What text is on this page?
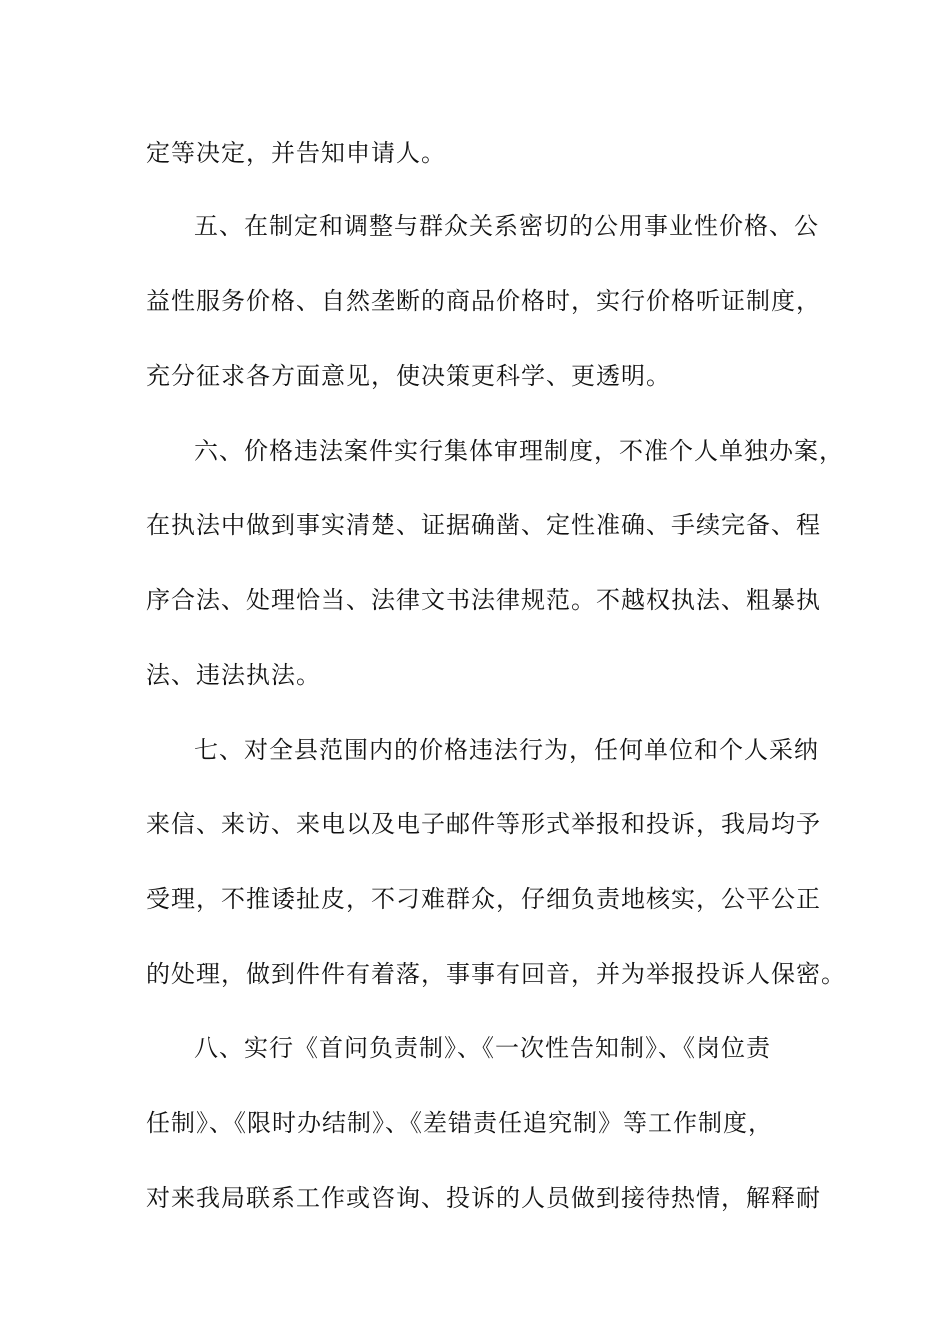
定等决定，并告知申请人。
五、在制定和调整与群众关系密切的公用事业性价格、公
益性服务价格、自然垄断的商品价格时，实行价格听证制度，
充分征求各方面意见，使决策更科学、更透明。
六、价格违法案件实行集体审理制度，不准个人单独办案，
在执法中做到事实清楚、证据确凿、定性准确、手续完备、程
序合法、处理恰当、法律文书法律规范。不越权执法、粗暴执
法、违法执法。
七、对全县范围内的价格违法行为，任何单位和个人采纳
来信、来访、来电以及电子邮件等形式举报和投诉，我局均予
受理，不推诿扯皮，不刁难群众，仔细负责地核实，公平公正
的处理，做到件件有着落，事事有回音，并为举报投诉人保密。
八、实行《首问负责制》、《一次性告知制》、《岗位责
任制》、《限时办结制》、《差错责任追究制》等工作制度，
对来我局联系工作或咨询、投诉的人员做到接待热情，解释耐
